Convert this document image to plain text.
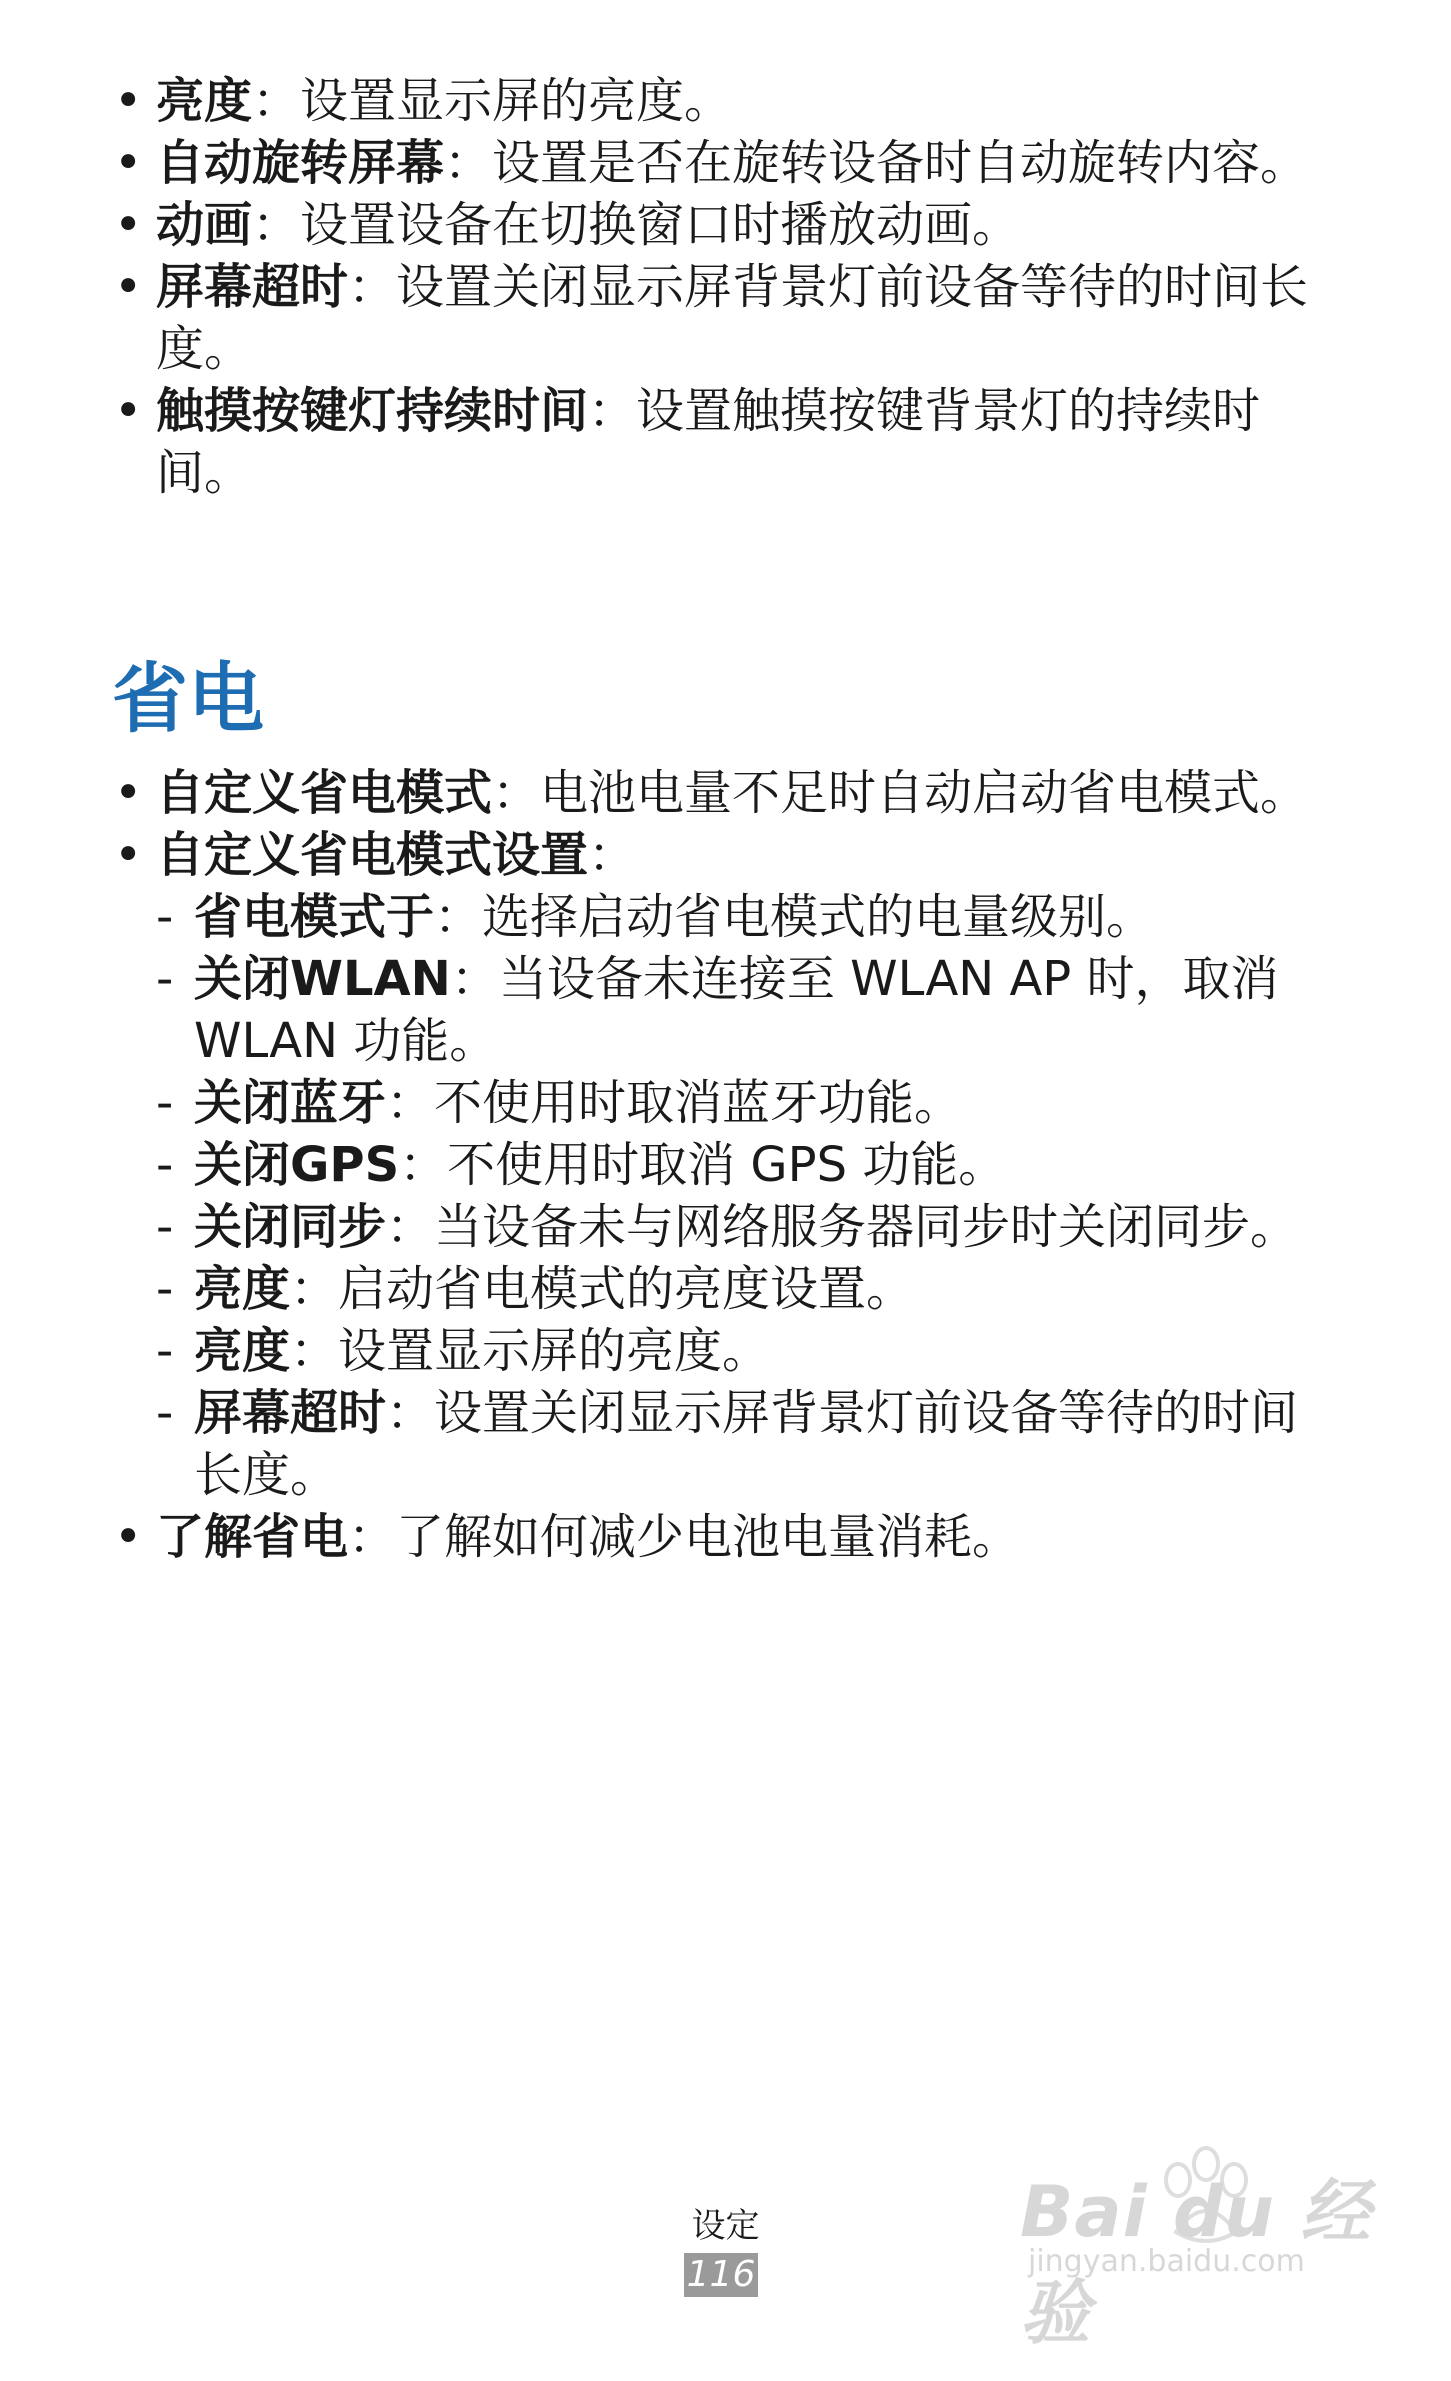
• 亮度：设置显示屏的亮度。
• 自动旋转屏幕：设置是否在旋转设备时自动旋转内容。
• 动画：设置设备在切换窗口时播放动画。
• 屏幕超时：设置关闭显示屏背景灯前设备等待的时间长度。
• 触摸按键灯持续时间：设置触摸按键背景灯的持续时间。
省电
• 自定义省电模式：电池电量不足时自动启动省电模式。
• 自定义省电模式设置：
- 省电模式于：选择启动省电模式的电量级别。
- 关闭WLAN：当设备未连接至 WLAN AP 时，取消 WLAN 功能。
- 关闭蓝牙：不使用时取消蓝牙功能。
- 关闭GPS：不使用时取消 GPS 功能。
- 关闭同步：当设备未与网络服务器同步时关闭同步。
- 亮度：启动省电模式的亮度设置。
- 亮度：设置显示屏的亮度。
- 屏幕超时：设置关闭显示屏背景灯前设备等待的时间长度。
• 了解省电：了解如何减少电池电量消耗。
设定
116
Bai du 经验
jingyan.baidu.com
